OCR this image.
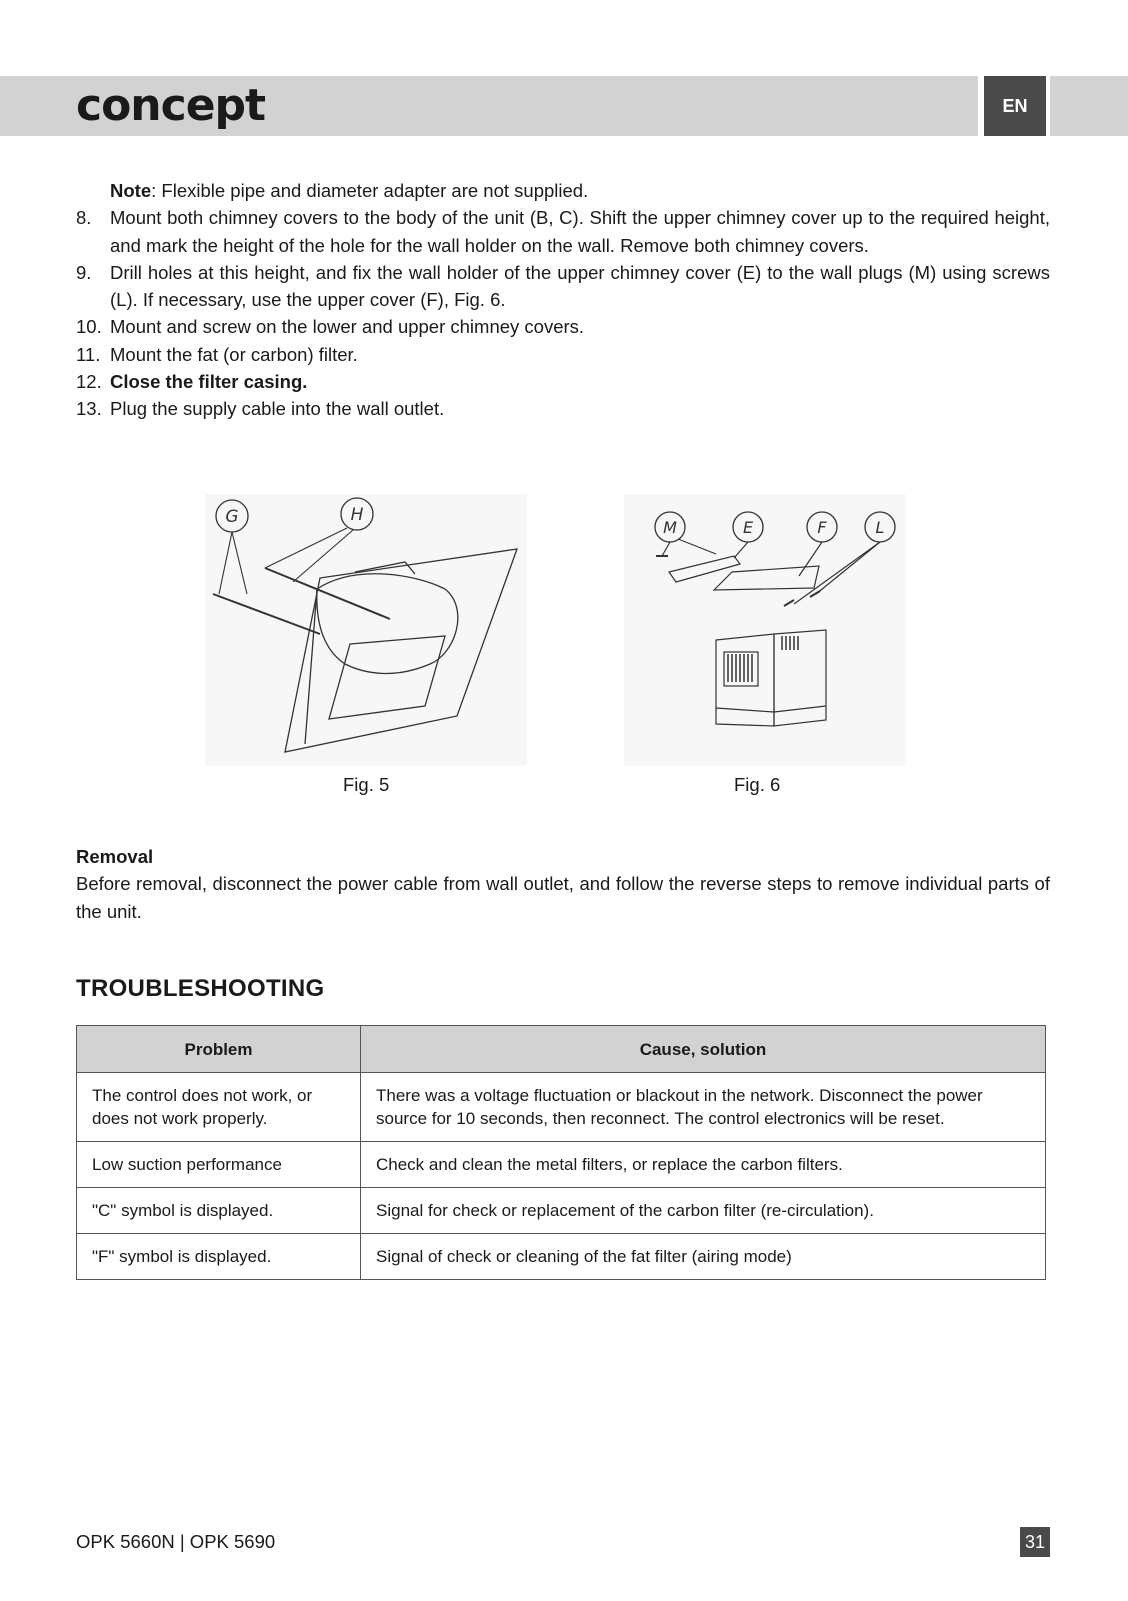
concept	EN
Note: Flexible pipe and diameter adapter are not supplied.
8. Mount both chimney covers to the body of the unit (B, C). Shift the upper chimney cover up to the required height, and mark the height of the hole for the wall holder on the wall. Remove both chimney covers.
9. Drill holes at this height, and fix the wall holder of the upper chimney cover (E) to the wall plugs (M) using screws (L). If necessary, use the upper cover (F), Fig. 6.
10. Mount and screw on the lower and upper chimney covers.
11. Mount the fat (or carbon) filter.
12. Close the filter casing.
13. Plug the supply cable into the wall outlet.
G	H
Fig. 5
M	E	F	L
Fig. 6
Removal
Before removal, disconnect the power cable from wall outlet, and follow the reverse steps to remove individual parts of the unit.
TROUBLESHOOTING
Problem	Cause, solution
The control does not work, or does not work properly.	There was a voltage fluctuation or blackout in the network. Disconnect the power source for 10 seconds, then reconnect. The control electronics will be reset.
Low suction performance	Check and clean the metal filters, or replace the carbon filters.
"C" symbol is displayed.	Signal for check or replacement of the carbon filter (re-circulation).
"F" symbol is displayed.	Signal of check or cleaning of the fat filter (airing mode)
OPK 5660N | OPK 5690	31
